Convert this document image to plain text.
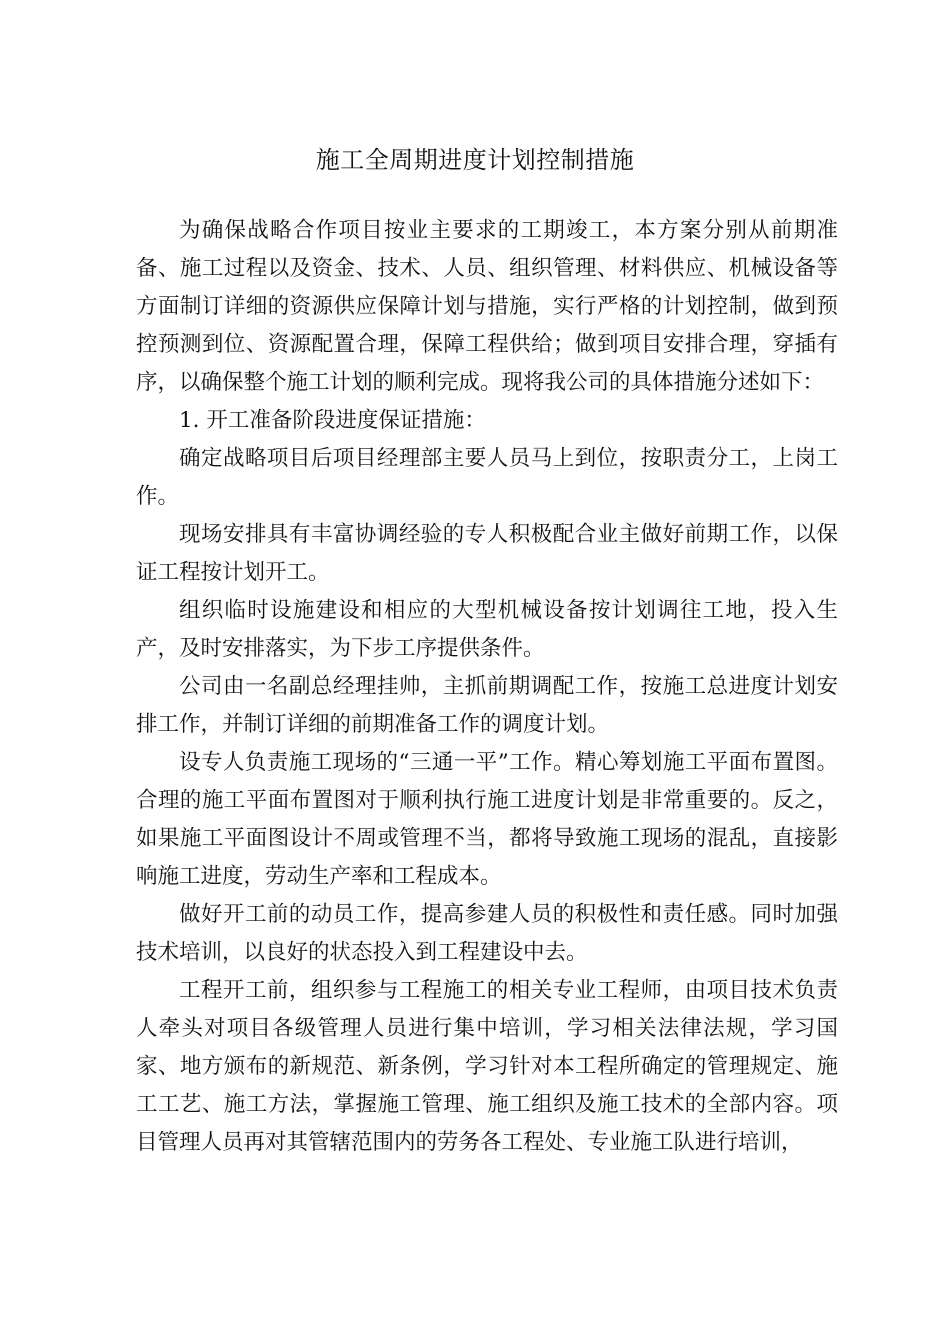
施工全周期进度计划控制措施

为确保战略合作项目按业主要求的工期竣工，本方案分别从前期准备、施工过程以及资金、技术、人员、组织管理、材料供应、机械设备等方面制订详细的资源供应保障计划与措施，实行严格的计划控制，做到预控预测到位、资源配置合理，保障工程供给；做到项目安排合理，穿插有序，以确保整个施工计划的顺利完成。现将我公司的具体措施分述如下：

1. 开工准备阶段进度保证措施：

确定战略项目后项目经理部主要人员马上到位，按职责分工，上岗工作。

现场安排具有丰富协调经验的专人积极配合业主做好前期工作，以保证工程按计划开工。

组织临时设施建设和相应的大型机械设备按计划调往工地，投入生产，及时安排落实，为下步工序提供条件。

公司由一名副总经理挂帅，主抓前期调配工作，按施工总进度计划安排工作，并制订详细的前期准备工作的调度计划。

设专人负责施工现场的“三通一平”工作。精心筹划施工平面布置图。合理的施工平面布置图对于顺利执行施工进度计划是非常重要的。反之，如果施工平面图设计不周或管理不当，都将导致施工现场的混乱，直接影响施工进度，劳动生产率和工程成本。

做好开工前的动员工作，提高参建人员的积极性和责任感。同时加强技术培训，以良好的状态投入到工程建设中去。

工程开工前，组织参与工程施工的相关专业工程师，由项目技术负责人牵头对项目各级管理人员进行集中培训，学习相关法律法规，学习国家、地方颁布的新规范、新条例，学习针对本工程所确定的管理规定、施工工艺、施工方法，掌握施工管理、施工组织及施工技术的全部内容。项目管理人员再对其管辖范围内的劳务各工程处、专业施工队进行培训，
